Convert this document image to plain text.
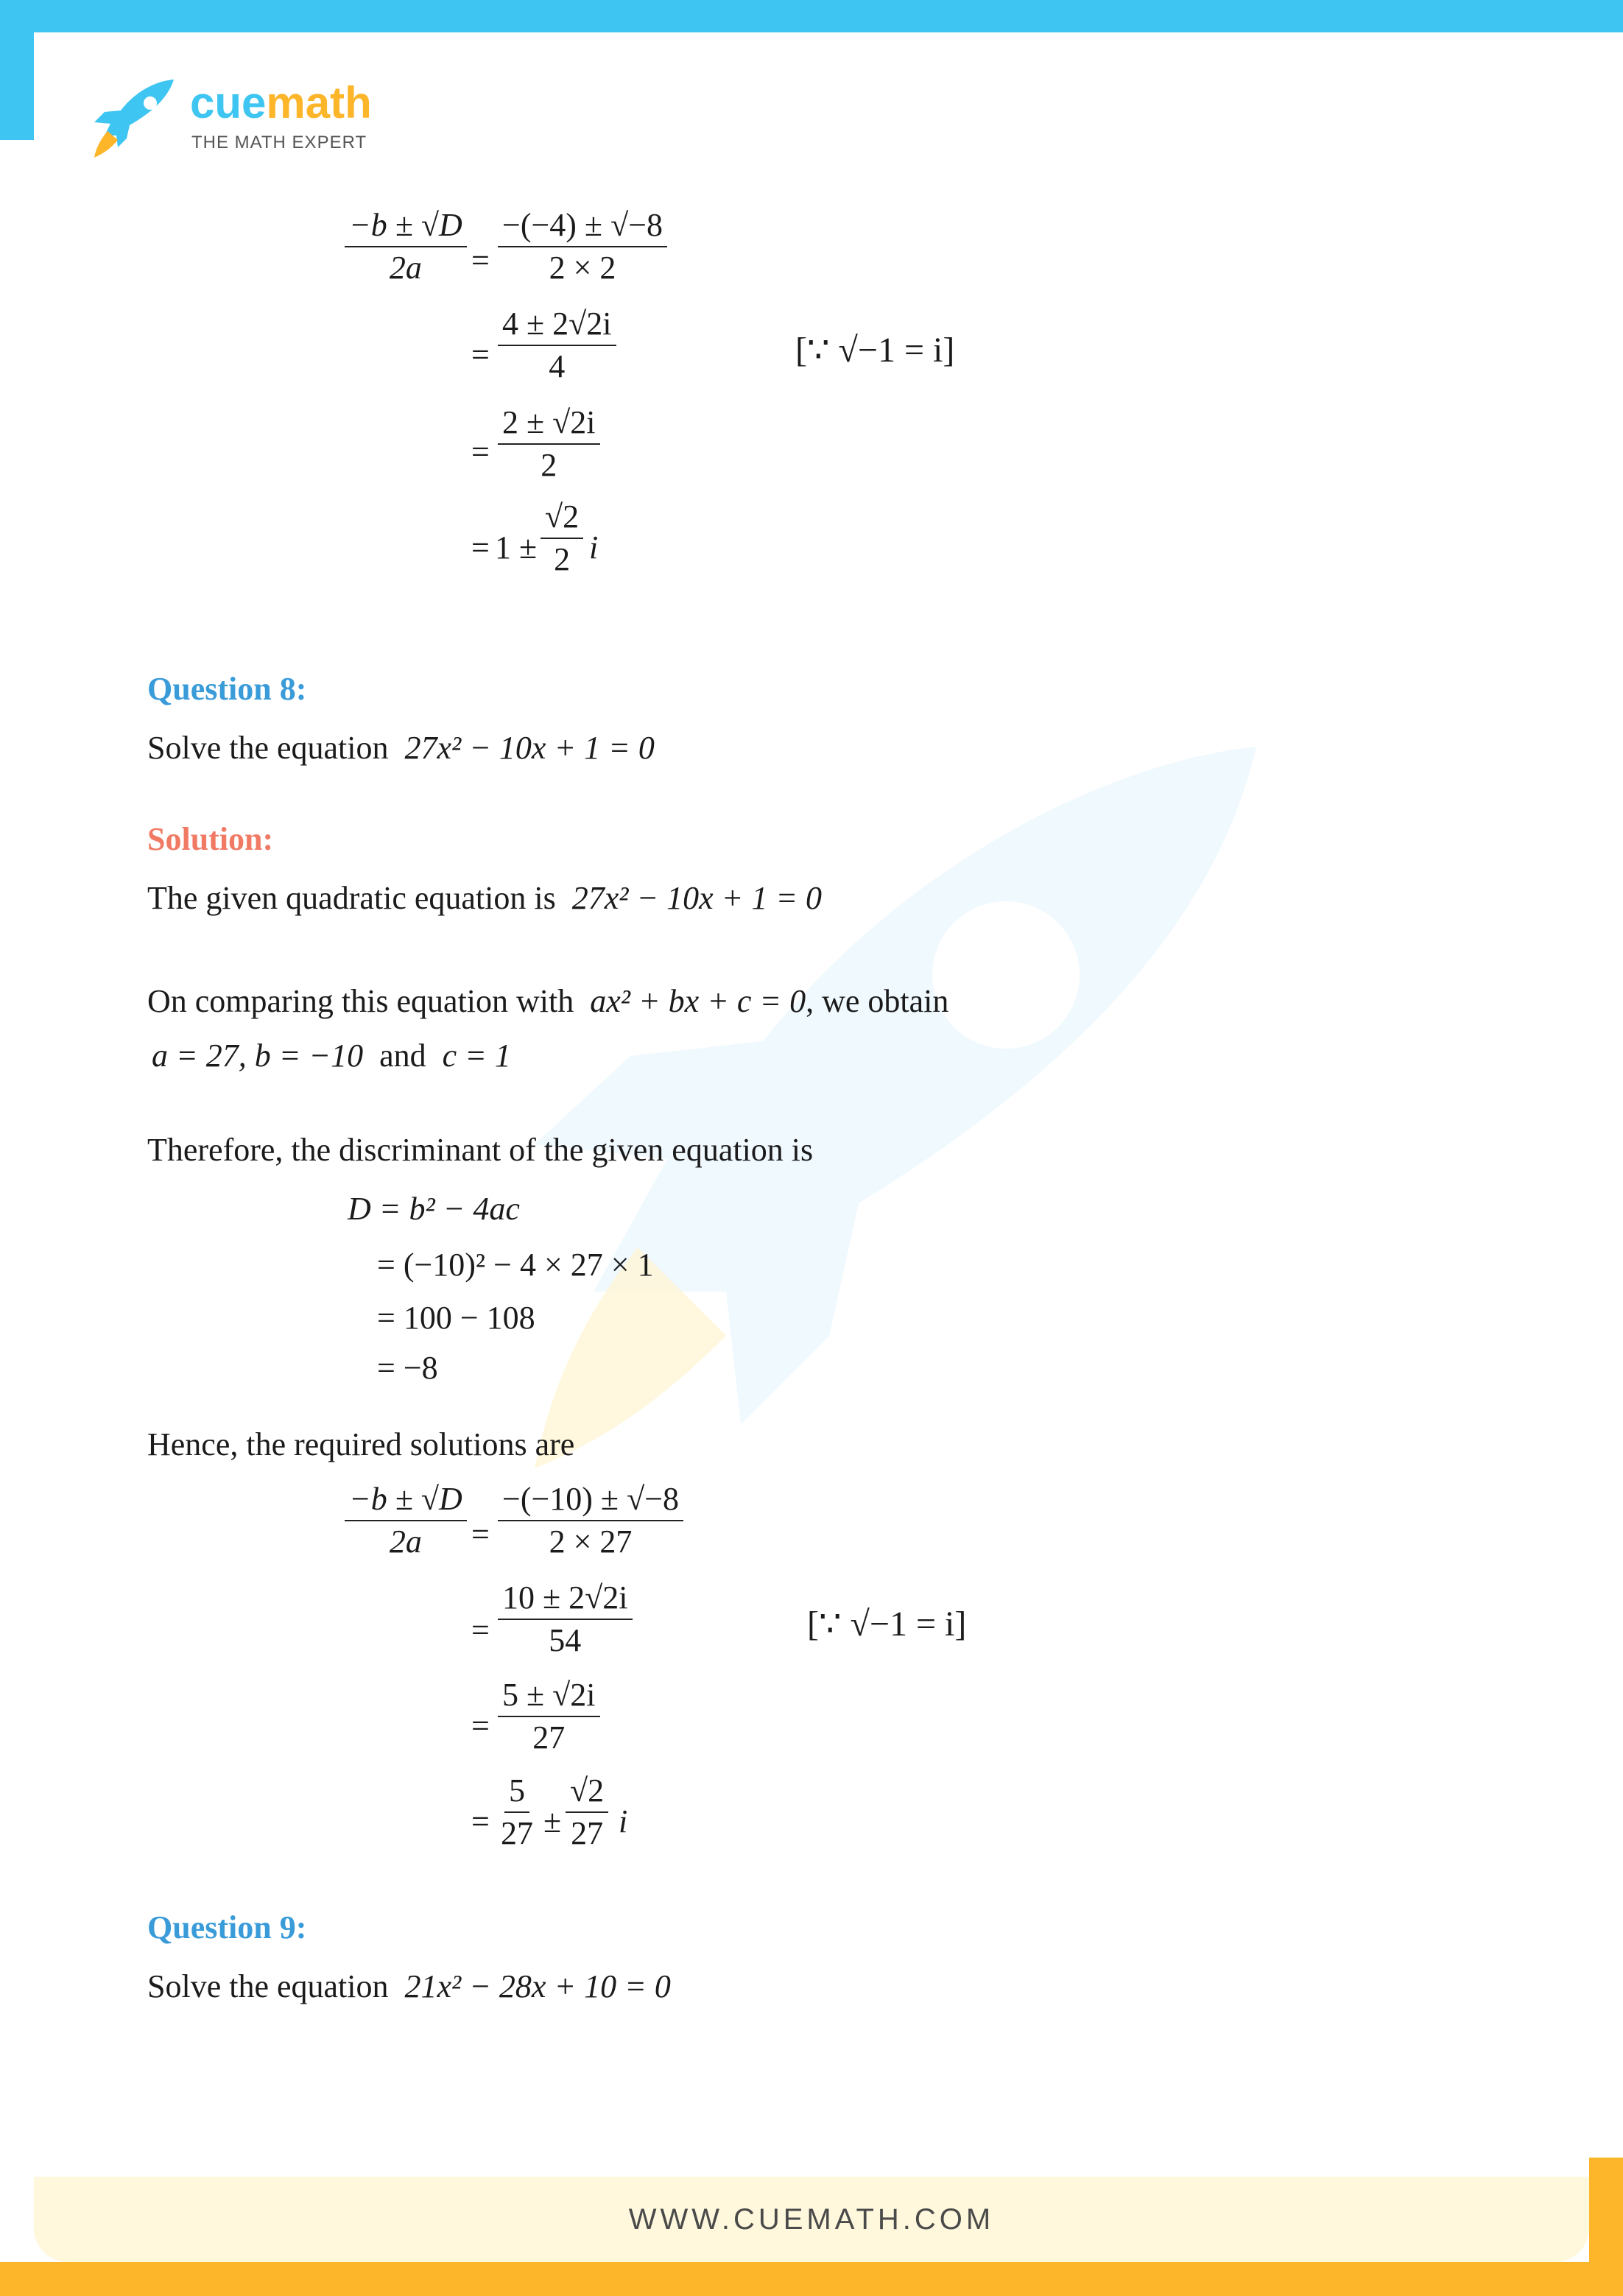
WWW.CUEMATH.COM
cuemath
THE MATH EXPERT
$\frac{-b \pm √D}{2a} = \frac{-(-4) \pm √-8}{2 \times 2}$
= $\frac{4 \pm 2√2i}{4}$	[∵ √−1 = i]
= $\frac{2 \pm √2i}{2}$
= $1 \pm \frac{√2}{2}$ i
Question 8:
Solve the equation 27x² − 10x + 1 = 0
Solution:
The given quadratic equation is 27x² − 10x + 1 = 0
On comparing this equation with ax² + bx + c = 0, we obtain
a = 27, b = −10 and c = 1
Therefore, the discriminant of the given equation is
D = b² − 4ac
= (−10)² − 4 × 27 × 1
= 100 − 108
= −8
Hence, the required solutions are
$\frac{-b \pm √D}{2a} = \frac{-(-10) \pm √-8}{2 \times 27}$
= $\frac{10 \pm 2√2i}{54}$	[∵ √−1 = i]
= $\frac{5 \pm √2i}{27}$
= $\frac{5}{27} \pm \frac{√2}{27}$ i
Question 9:
Solve the equation 21x² − 28x + 10 = 0
